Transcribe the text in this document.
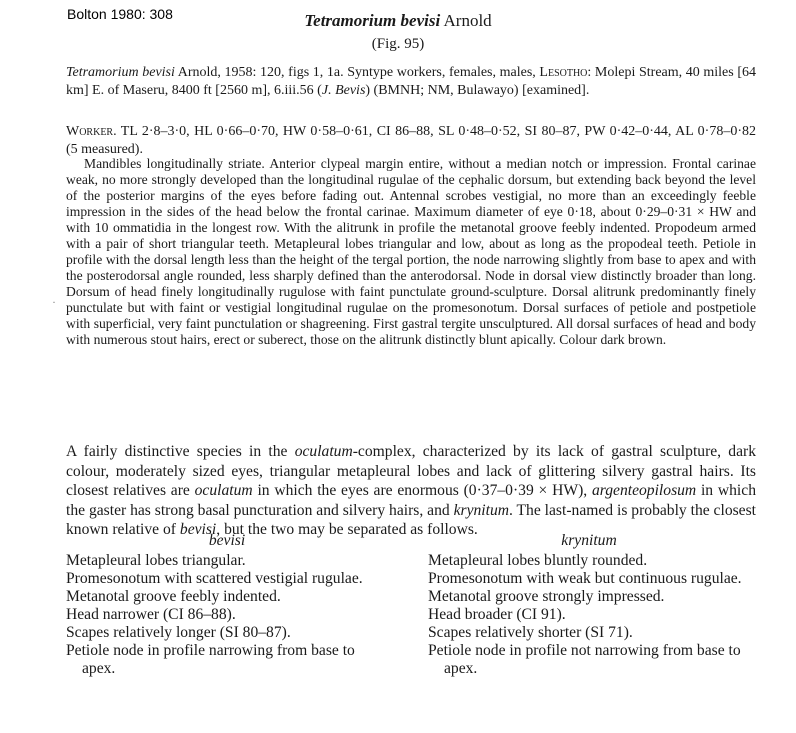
Bolton 1980: 308	Tetramorium bevisi Arnold
(Fig. 95)
Tetramorium bevisi Arnold, 1958: 120, figs 1, 1a. Syntype workers, females, males, Lesotho: Molepi Stream, 40 miles [64 km] E. of Maseru, 8400 ft [2560 m], 6.iii.56 (J. Bevis) (BMNH; NM, Bulawayo) [examined].
Worker. TL 2·8–3·0, HL 0·66–0·70, HW 0·58–0·61, CI 86–88, SL 0·48–0·52, SI 80–87, PW 0·42–0·44, AL 0·78–0·82 (5 measured).
·
Mandibles longitudinally striate. Anterior clypeal margin entire, without a median notch or impression. Frontal carinae weak, no more strongly developed than the longitudinal rugulae of the cephalic dorsum, but extending back beyond the level of the posterior margins of the eyes before fading out. Antennal scrobes vestigial, no more than an exceedingly feeble impression in the sides of the head below the frontal carinae. Maximum diameter of eye 0·18, about 0·29–0·31 × HW and with 10 ommatidia in the longest row. With the alitrunk in profile the metanotal groove feebly indented. Propodeum armed with a pair of short triangular teeth. Metapleural lobes triangular and low, about as long as the propodeal teeth. Petiole in profile with the dorsal length less than the height of the tergal portion, the node narrowing slightly from base to apex and with the posterodorsal angle rounded, less sharply defined than the anterodorsal. Node in dorsal view distinctly broader than long. Dorsum of head finely longitudinally rugulose with faint punctulate ground-sculpture. Dorsal alitrunk predominantly finely punctulate but with faint or vestigial longitudinal rugulae on the promesonotum. Dorsal surfaces of petiole and postpetiole with superficial, very faint punctulation or shagreening. First gastral tergite unsculptured. All dorsal surfaces of head and body with numerous stout hairs, erect or suberect, those on the alitrunk distinctly blunt apically. Colour dark brown.
A fairly distinctive species in the oculatum-complex, characterized by its lack of gastral sculpture, dark colour, moderately sized eyes, triangular metapleural lobes and lack of glittering silvery gastral hairs. Its closest relatives are oculatum in which the eyes are enormous (0·37–0·39 × HW), argenteopilosum in which the gaster has strong basal puncturation and silvery hairs, and krynitum. The last-named is probably the closest known relative of bevisi, but the two may be separated as follows.
bevisi
Metapleural lobes triangular.
Promesonotum with scattered vestigial rugulae.
Metanotal groove feebly indented.
Head narrower (CI 86–88).
Scapes relatively longer (SI 80–87).
Petiole node in profile narrowing from base to apex.
krynitum
Metapleural lobes bluntly rounded.
Promesonotum with weak but continuous rugulae.
Metanotal groove strongly impressed.
Head broader (CI 91).
Scapes relatively shorter (SI 71).
Petiole node in profile not narrowing from base to apex.
